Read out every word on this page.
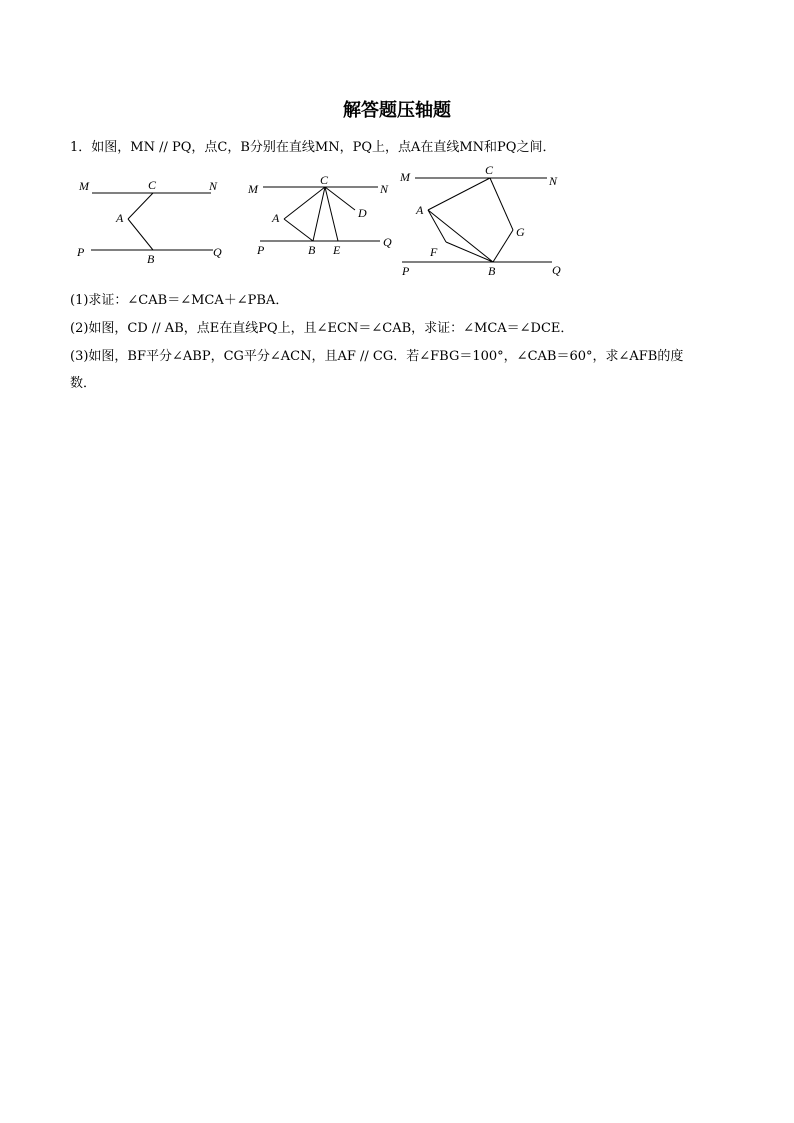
解答题压轴题
1．如图，MN // PQ，点C，B分别在直线MN，PQ上，点A在直线MN和PQ之间．
M	C	N
A
P	B	Q
M
C
N
D
A
P	B E
Q
M	C
N
A
G
F
P	B	Q
(1)求证：∠CAB＝∠MCA＋∠PBA．
(2)如图，CD // AB，点E在直线PQ上，且∠ECN＝∠CAB，求证：∠MCA＝∠DCE．
(3)如图，BF平分∠ABP，CG平分∠ACN，且AF // CG．若∠FBG＝100°，∠CAB＝60°，求∠AFB的度
数．
